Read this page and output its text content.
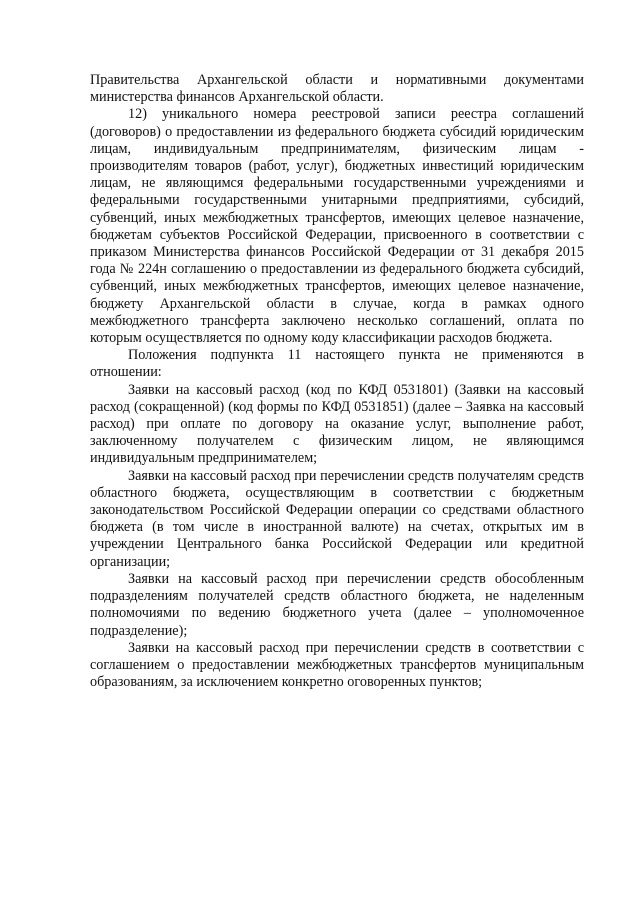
Правительства Архангельской области и нормативными документами министерства финансов Архангельской области.

12) уникального номера реестровой записи реестра соглашений (договоров) о предоставлении из федерального бюджета субсидий юридическим лицам, индивидуальным предпринимателям, физическим лицам - производителям товаров (работ, услуг), бюджетных инвестиций юридическим лицам, не являющимся федеральными государственными учреждениями и федеральными государственными унитарными предприятиями, субсидий, субвенций, иных межбюджетных трансфертов, имеющих целевое назначение, бюджетам субъектов Российской Федерации, присвоенного в соответствии с приказом Министерства финансов Российской Федерации от 31 декабря 2015 года № 224н соглашению о предоставлении из федерального бюджета субсидий, субвенций, иных межбюджетных трансфертов, имеющих целевое назначение, бюджету Архангельской области в случае, когда в рамках одного межбюджетного трансферта заключено несколько соглашений, оплата по которым осуществляется по одному коду классификации расходов бюджета.

Положения подпункта 11 настоящего пункта не применяются в отношении:

Заявки на кассовый расход (код по КФД 0531801) (Заявки на кассовый расход (сокращенной) (код формы по КФД 0531851) (далее – Заявка на кассовый расход) при оплате по договору на оказание услуг, выполнение работ, заключенному получателем с физическим лицом, не являющимся индивидуальным предпринимателем;

Заявки на кассовый расход при перечислении средств получателям средств областного бюджета, осуществляющим в соответствии с бюджетным законодательством Российской Федерации операции со средствами областного бюджета (в том числе в иностранной валюте) на счетах, открытых им в учреждении Центрального банка Российской Федерации или кредитной организации;

Заявки на кассовый расход при перечислении средств обособленным подразделениям получателей средств областного бюджета, не наделенным полномочиями по ведению бюджетного учета (далее – уполномоченное подразделение);

Заявки на кассовый расход при перечислении средств в соответствии с соглашением о предоставлении межбюджетных трансфертов муниципальным образованиям, за исключением конкретно оговоренных пунктов;
